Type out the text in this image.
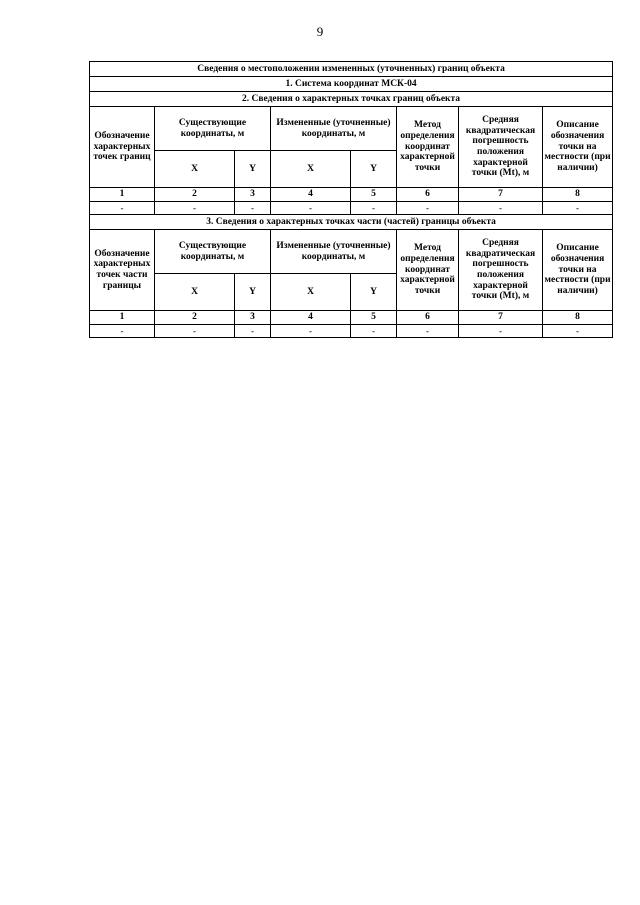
9
Сведения о местоположении измененных (уточненных) границ объекта							
1. Система координат МСК-04							
2. Сведения о характерных точках границ объекта							
Обозначение характерных точек границ	Существующие координаты, м		Измененные (уточненные) координаты, м		Метод определения координат характерной точки	Средняя квадратическая погрешность положения характерной точки (Mt), м	Описание обозначения точки на местности (при наличии)
	X	Y	X	Y			
1	2	3	4	5	6	7	8
-	-	-	-	-	-	-	-
3. Сведения о характерных точках части (частей) границы объекта							
Обозначение характерных точек части границы	Существующие координаты, м		Измененные (уточненные) координаты, м		Метод определения координат характерной точки	Средняя квадратическая погрешность положения характерной точки (Mt), м	Описание обозначения точки на местности (при наличии)
	X	Y	X	Y			
1	2	3	4	5	6	7	8
-	-	-	-	-	-	-	-
